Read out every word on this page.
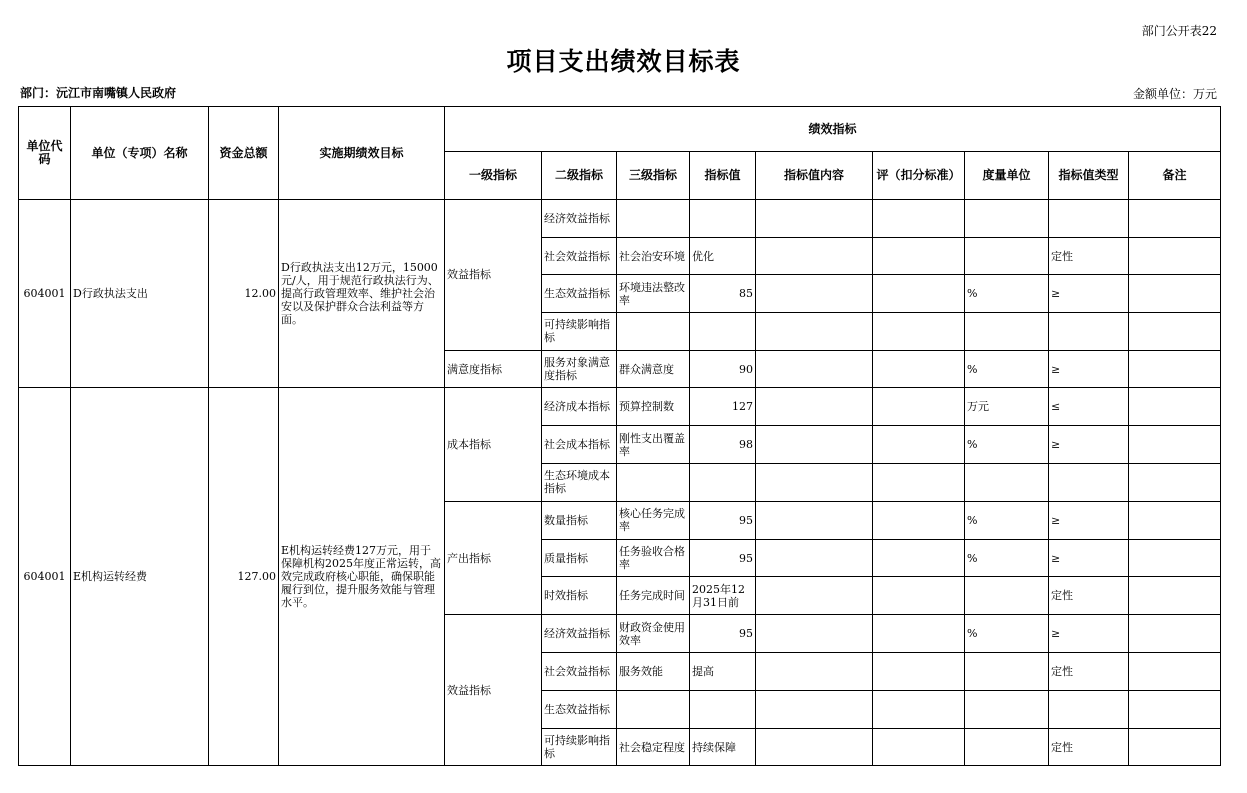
部门公开表22
项目支出绩效目标表
部门：沅江市南嘴镇人民政府	金额单位：万元
单位代码	单位（专项）名称	资金总额	实施期绩效目标	绩效指标								
				一级指标	二级指标	三级指标	指标值	指标值内容	评（扣分标准）	度量单位	指标值类型	备注
604001	D行政执法支出	12.00	D行政执法支出12万元，15000元/人，用于规范行政执法行为、提高行政管理效率、维护社会治安以及保护群众合法利益等方面。	效益指标	经济效益指标							
					社会效益指标	社会治安环境	优化				定性	
					生态效益指标	环境违法整改率	85			%	≥	
					可持续影响指标							
				满意度指标	服务对象满意度指标	群众满意度	90			%	≥	
604001	E机构运转经费	127.00	E机构运转经费127万元，用于保障机构2025年度正常运转，高效完成政府核心职能，确保职能履行到位，提升服务效能与管理水平。	成本指标	经济成本指标	预算控制数	127			万元	≤	
					社会成本指标	刚性支出覆盖率	98			%	≥	
					生态环境成本指标							
				产出指标	数量指标	核心任务完成率	95			%	≥	
					质量指标	任务验收合格率	95			%	≥	
					时效指标	任务完成时间	2025年12月31日前				定性	
				效益指标	经济效益指标	财政资金使用效率	95			%	≥	
					社会效益指标	服务效能	提高				定性	
					生态效益指标							
					可持续影响指标	社会稳定程度	持续保障				定性	
